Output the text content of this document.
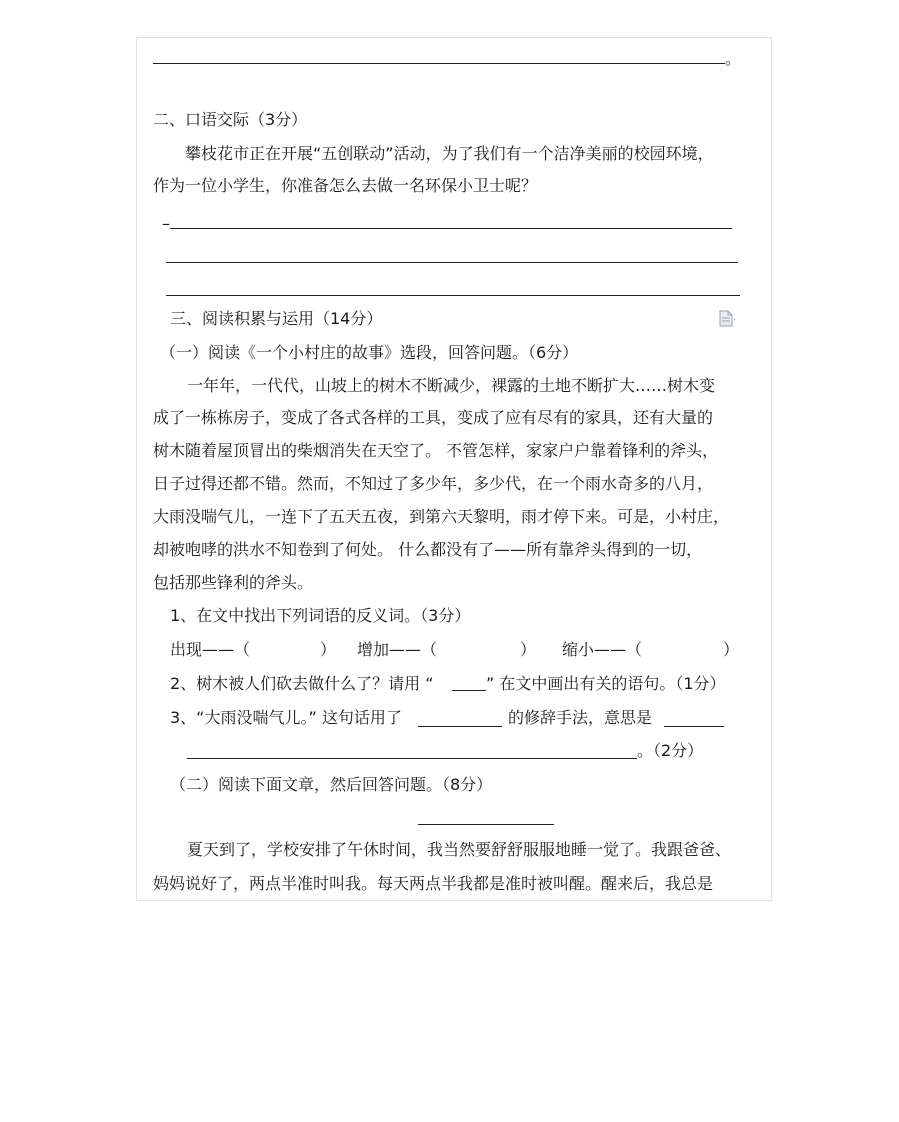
。
二、口语交际（3分）
攀枝花市正在开展“五创联动”活动，为了我们有一个洁净美丽的校园环境，
作为一位小学生，你准备怎么去做一名环保小卫士呢？
–
三、阅读积累与运用（14分）
（一）阅读《一个小村庄的故事》选段，回答问题。（6分）
一年年，一代代，山坡上的树木不断减少，裸露的土地不断扩大……树木变
成了一栋栋房子，变成了各式各样的工具，变成了应有尽有的家具，还有大量的
树木随着屋顶冒出的柴烟消失在天空了。 不管怎样，家家户户靠着锋利的斧头，
日子过得还都不错。然而，不知过了多少年，多少代，在一个雨水奇多的八月，
大雨没喘气儿，一连下了五天五夜，到第六天黎明，雨才停下来。可是，小村庄，
却被咆哮的洪水不知卷到了何处。 什么都没有了——所有靠斧头得到的一切，
包括那些锋利的斧头。
1、在文中找出下列词语的反义词。（3分）
出现——（	） 增加——（	） 缩小——（	）
2、树木被人们砍去做什么了？请用 “	” 在文中画出有关的语句。（1分）
3、“大雨没喘气儿。” 这句话用了	的修辞手法，意思是
。（2分）
（二）阅读下面文章，然后回答问题。（8分）
夏天到了，学校安排了午休时间，我当然要舒舒服服地睡一觉了。我跟爸爸、
妈妈说好了，两点半准时叫我。每天两点半我都是准时被叫醒。醒来后，我总是
